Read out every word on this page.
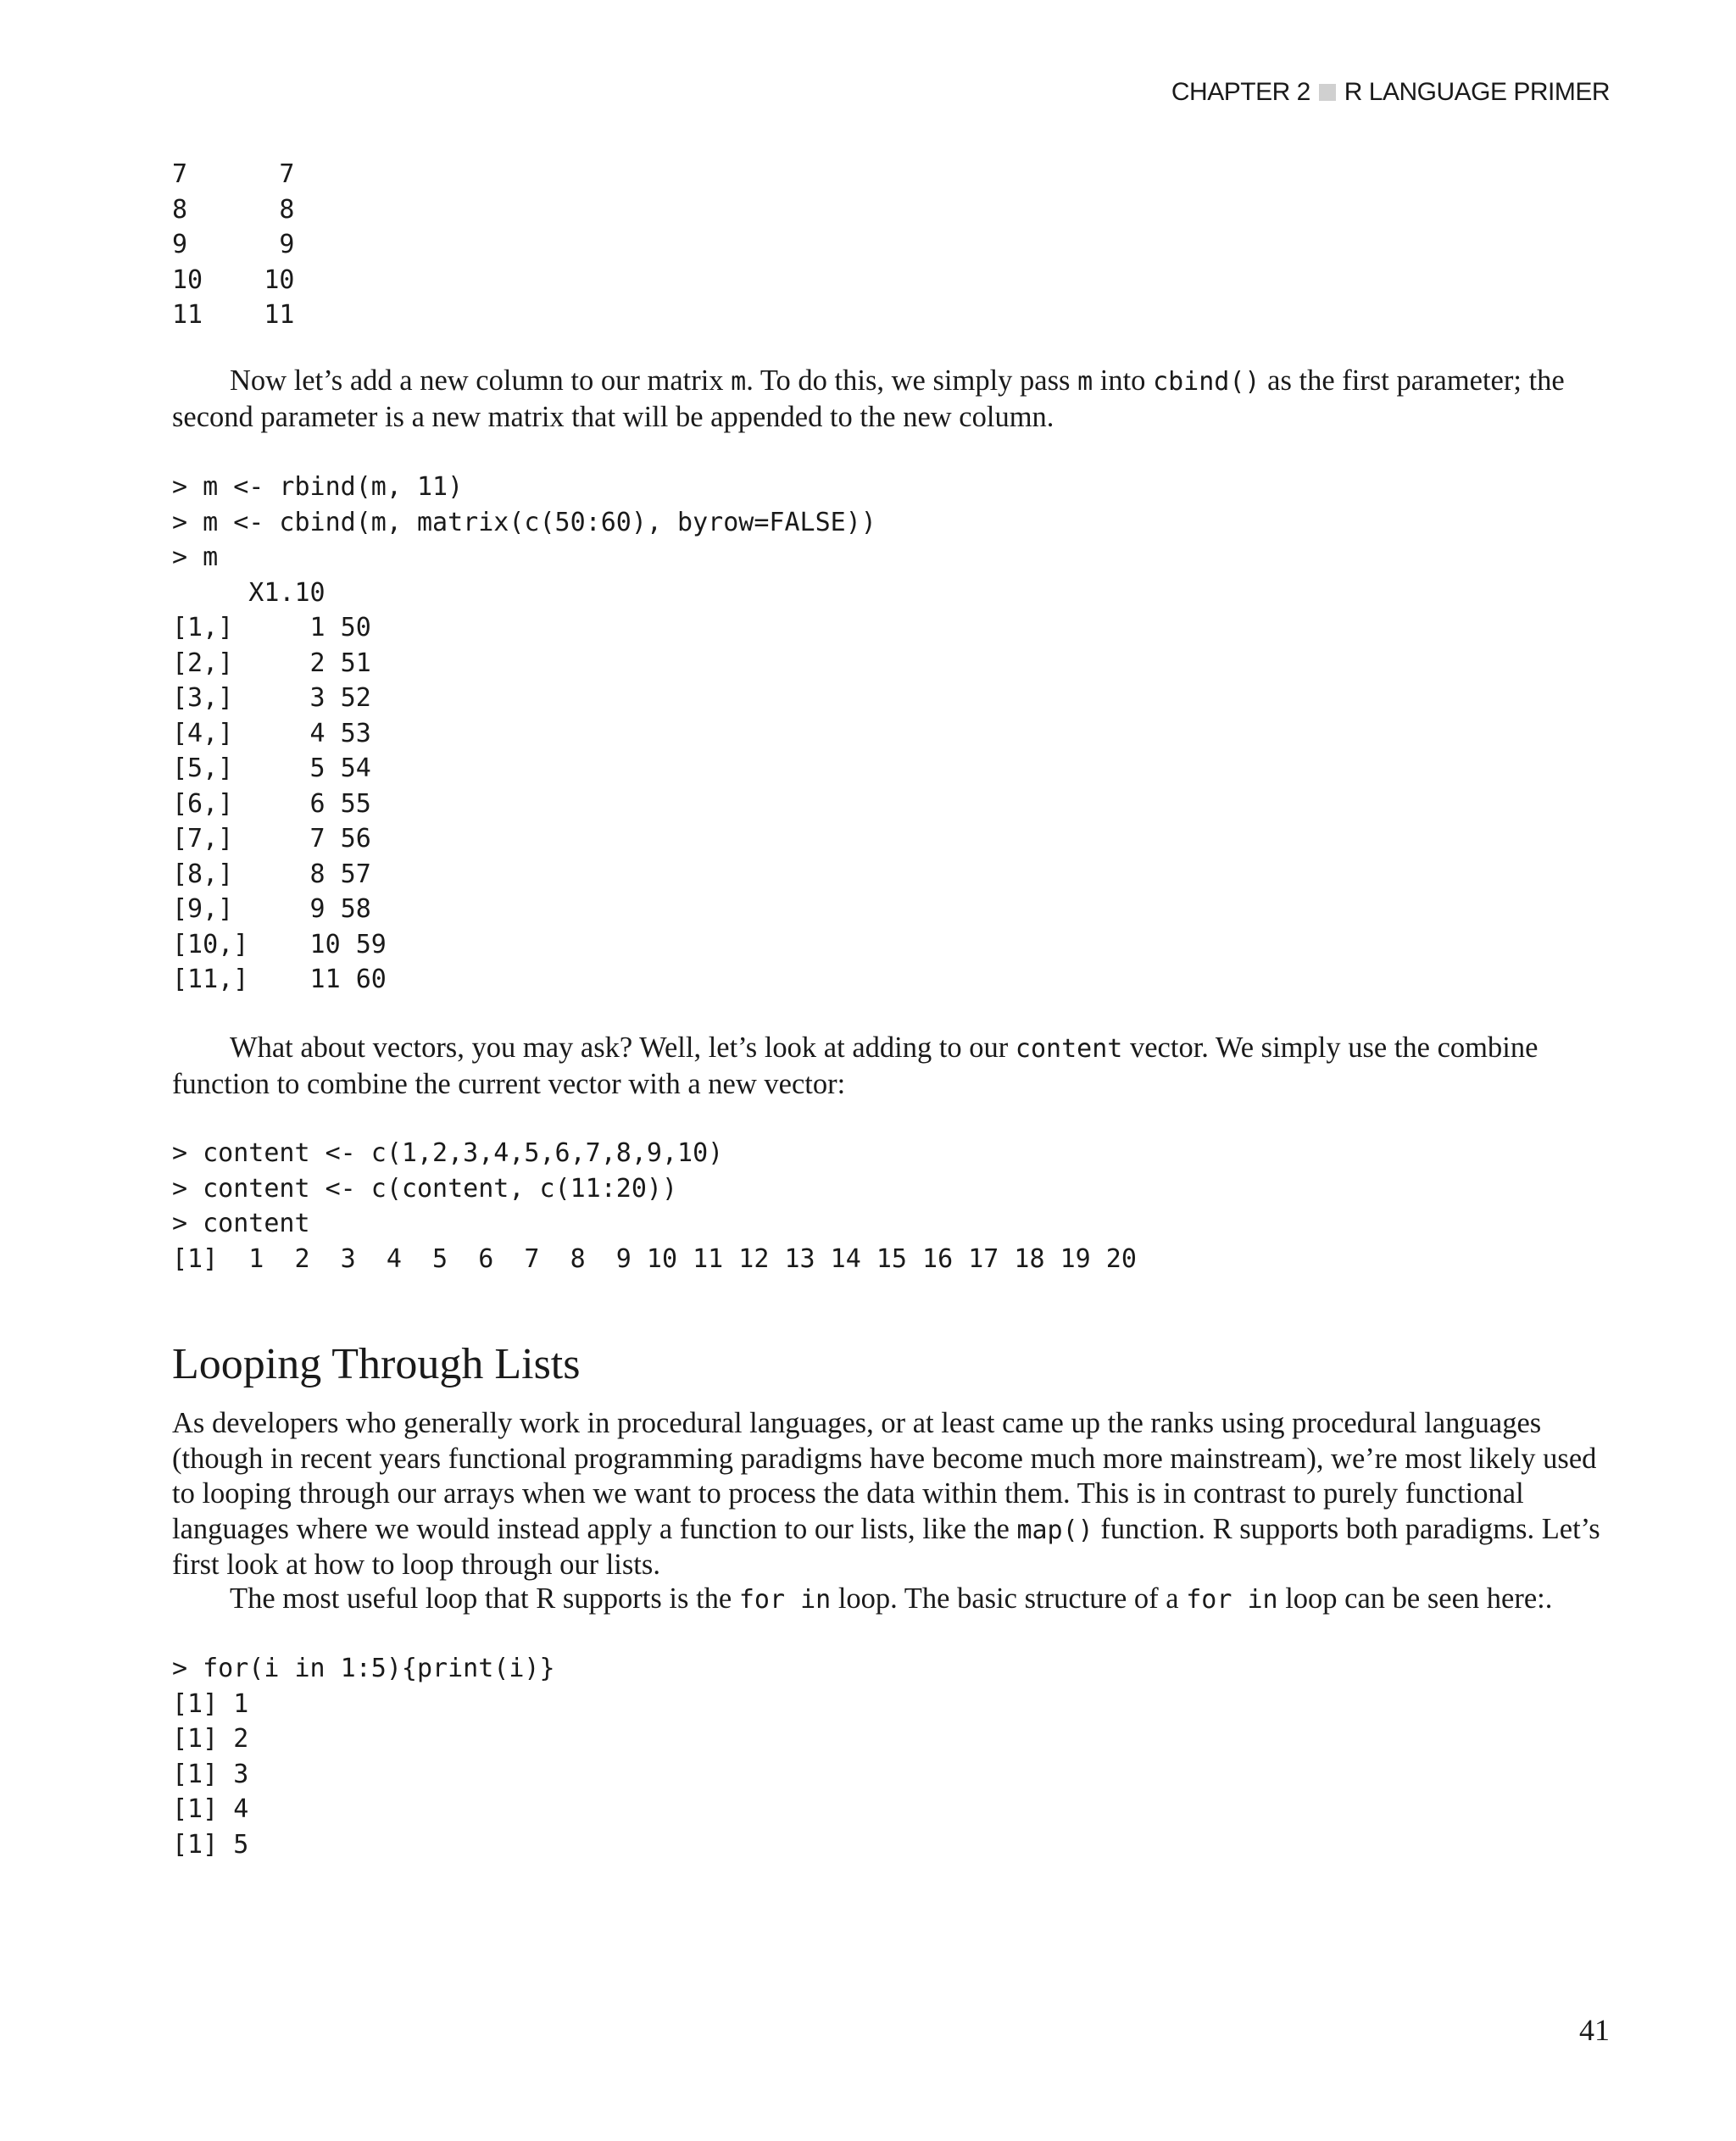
CHAPTER 2 R LANGUAGE PRIMER
7      7
8      8
9      9
10    10
11    11

Now let’s add a new column to our matrix m. To do this, we simply pass m into cbind() as the first parameter; the second parameter is a new matrix that will be appended to the new column.

> m <- rbind(m, 11)
> m <- cbind(m, matrix(c(50:60), byrow=FALSE))
> m
X1.10
[1,]     1 50
[2,]     2 51
[3,]     3 52
[4,]     4 53
[5,]     5 54
[6,]     6 55
[7,]     7 56
[8,]     8 57
[9,]     9 58
[10,]    10 59
[11,]    11 60

What about vectors, you may ask? Well, let’s look at adding to our content vector. We simply use the combine function to combine the current vector with a new vector:

> content <- c(1,2,3,4,5,6,7,8,9,10)
> content <- c(content, c(11:20))
> content
[1]  1  2  3  4  5  6  7  8  9 10 11 12 13 14 15 16 17 18 19 20
Looping Through Lists

As developers who generally work in procedural languages, or at least came up the ranks using procedural languages (though in recent years functional programming paradigms have become much more mainstream), we’re most likely used to looping through our arrays when we want to process the data within them. This is in contrast to purely functional languages where we would instead apply a function to our lists, like the map() function. R supports both paradigms. Let’s first look at how to loop through our lists.

The most useful loop that R supports is the for in loop. The basic structure of a for in loop can be seen here:.

> for(i in 1:5){print(i)}
[1] 1
[1] 2
[1] 3
[1] 4
[1] 5
41
